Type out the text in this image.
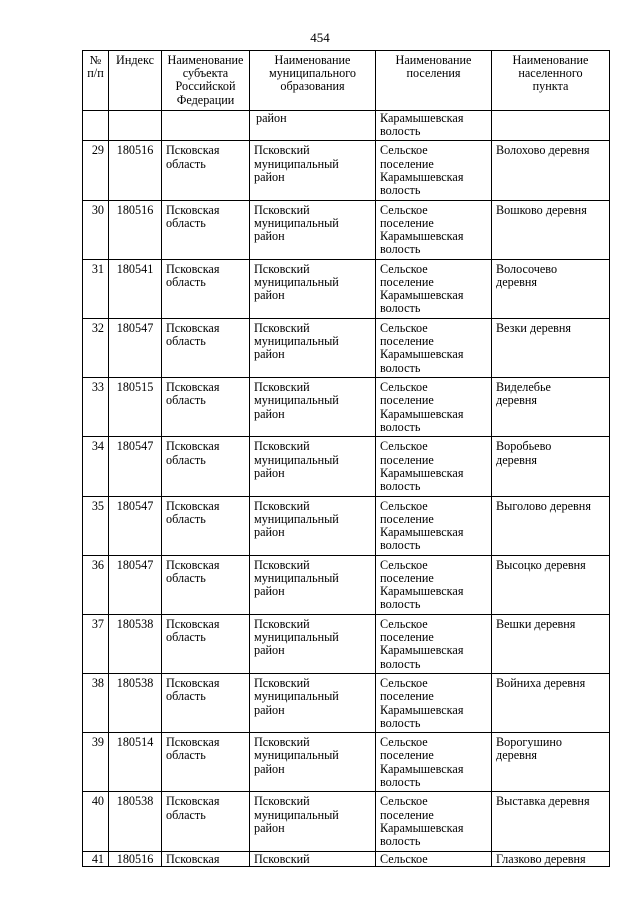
454
№
п/п	Индекс	Наименование
субъекта
Российской
Федерации	Наименование
муниципального
образования	Наименование
поселения	Наименование
населенного
пункта
			район	Карамышевская
волость	
29	180516	Псковская
область	Псковский
муниципальный
район	Сельское
поселение
Карамышевская
волость	Волохово деревня
30	180516	Псковская
область	Псковский
муниципальный
район	Сельское
поселение
Карамышевская
волость	Вошково деревня
31	180541	Псковская
область	Псковский
муниципальный
район	Сельское
поселение
Карамышевская
волость	Волосочево
деревня
32	180547	Псковская
область	Псковский
муниципальный
район	Сельское
поселение
Карамышевская
волость	Везки деревня
33	180515	Псковская
область	Псковский
муниципальный
район	Сельское
поселение
Карамышевская
волость	Виделебье
деревня
34	180547	Псковская
область	Псковский
муниципальный
район	Сельское
поселение
Карамышевская
волость	Воробьево
деревня
35	180547	Псковская
область	Псковский
муниципальный
район	Сельское
поселение
Карамышевская
волость	Выголово деревня
36	180547	Псковская
область	Псковский
муниципальный
район	Сельское
поселение
Карамышевская
волость	Высоцко деревня
37	180538	Псковская
область	Псковский
муниципальный
район	Сельское
поселение
Карамышевская
волость	Вешки деревня
38	180538	Псковская
область	Псковский
муниципальный
район	Сельское
поселение
Карамышевская
волость	Войниха деревня
39	180514	Псковская
область	Псковский
муниципальный
район	Сельское
поселение
Карамышевская
волость	Ворогушино
деревня
40	180538	Псковская
область	Псковский
муниципальный
район	Сельское
поселение
Карамышевская
волость	Выставка деревня
41	180516	Псковская	Псковский	Сельское	Глазково деревня
